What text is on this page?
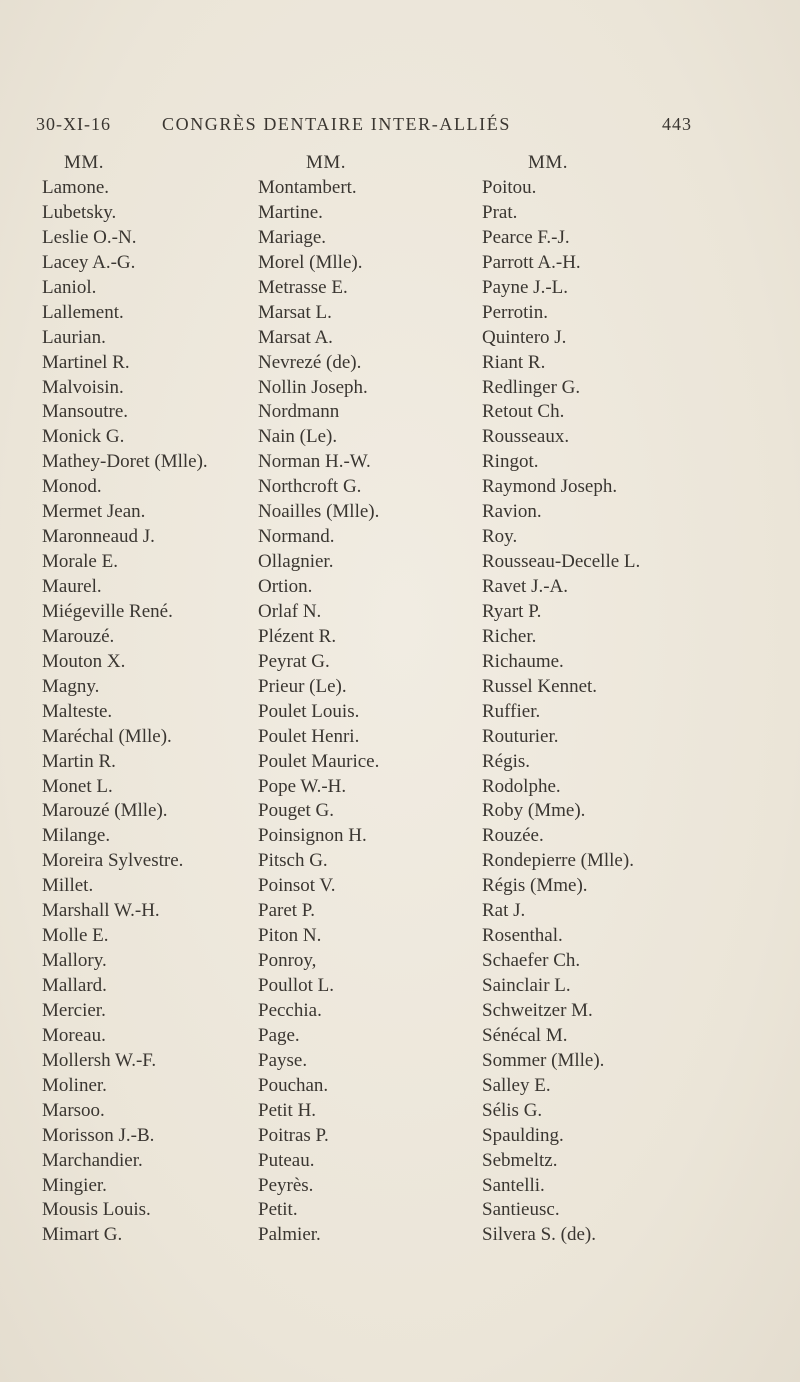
30-XI-16	CONGRÈS DENTAIRE INTER-ALLIÉS	443
MM.
Lamone.
Lubetsky.
Leslie O.-N.
Lacey A.-G.
Laniol.
Lallement.
Laurian.
Martinel R.
Malvoisin.
Mansoutre.
Monick G.
Mathey-Doret (Mlle).
Monod.
Mermet Jean.
Maronneaud J.
Morale E.
Maurel.
Miégeville René.
Marouzé.
Mouton X.
Magny.
Malteste.
Maréchal (Mlle).
Martin R.
Monet L.
Marouzé (Mlle).
Milange.
Moreira Sylvestre.
Millet.
Marshall W.-H.
Molle E.
Mallory.
Mallard.
Mercier.
Moreau.
Mollersh W.-F.
Moliner.
Marsoo.
Morisson J.-B.
Marchandier.
Mingier.
Mousis Louis.
Mimart G.
MM.
Montambert.
Martine.
Mariage.
Morel (Mlle).
Metrasse E.
Marsat L.
Marsat A.
Nevrezé (de).
Nollin Joseph.
Nordmann
Nain (Le).
Norman H.-W.
Northcroft G.
Noailles (Mlle).
Normand.
Ollagnier.
Ortion.
Orlaf N.
Plézent R.
Peyrat G.
Prieur (Le).
Poulet Louis.
Poulet Henri.
Poulet Maurice.
Pope W.-H.
Pouget G.
Poinsignon H.
Pitsch G.
Poinsot V.
Paret P.
Piton N.
Ponroy,
Poullot L.
Pecchia.
Page.
Payse.
Pouchan.
Petit H.
Poitras P.
Puteau.
Peyrès.
Petit.
Palmier.
MM.
Poitou.
Prat.
Pearce F.-J.
Parrott A.-H.
Payne J.-L.
Perrotin.
Quintero J.
Riant R.
Redlinger G.
Retout Ch.
Rousseaux.
Ringot.
Raymond Joseph.
Ravion.
Roy.
Rousseau-Decelle L.
Ravet J.-A.
Ryart P.
Richer.
Richaume.
Russel Kennet.
Ruffier.
Routurier.
Régis.
Rodolphe.
Roby (Mme).
Rouzée.
Rondepierre (Mlle).
Régis (Mme).
Rat J.
Rosenthal.
Schaefer Ch.
Sainclair L.
Schweitzer M.
Sénécal M.
Sommer (Mlle).
Salley E.
Sélis G.
Spaulding.
Sebmeltz.
Santelli.
Santieusc.
Silvera S. (de).
